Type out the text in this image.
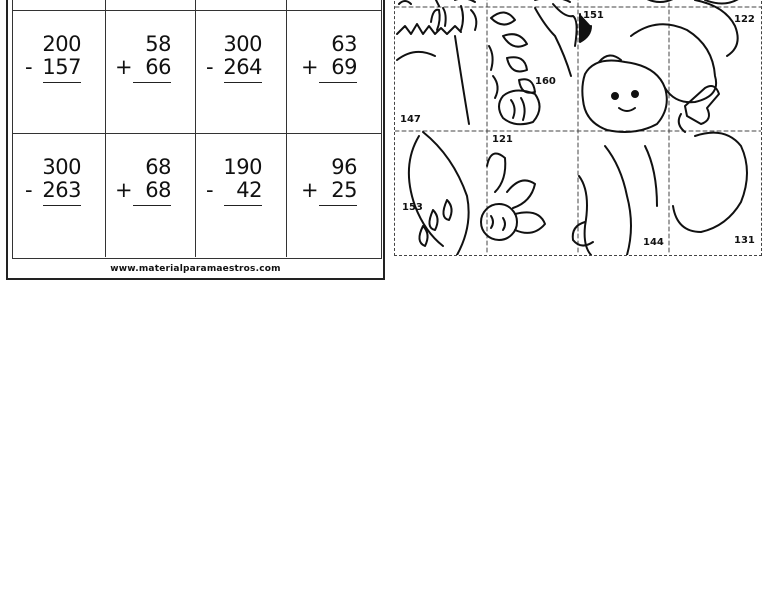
200
- 157
58
+ 66
300
- 264
63
+ 69
300
- 263
68
+ 68
190
- 42
96
+ 25
www.materialparamaestros.com
151	122
160
147
121
153
144	131
